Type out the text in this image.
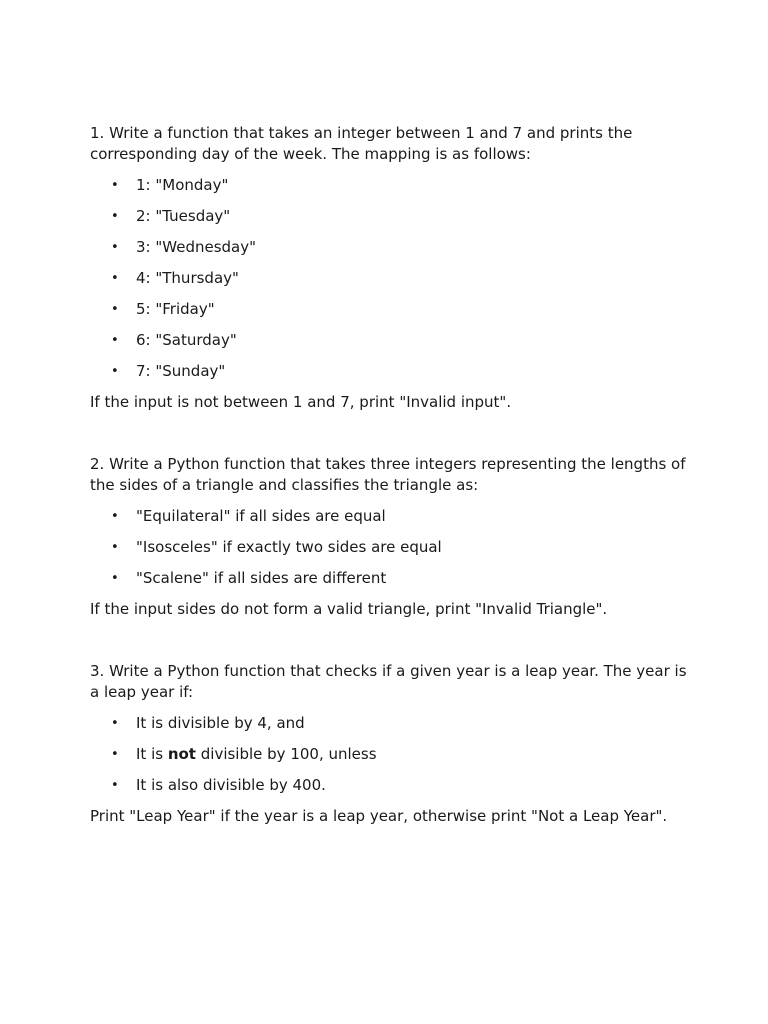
1. Write a function that takes an integer between 1 and 7 and prints the corresponding day of the week. The mapping is as follows:

• 1: "Monday"
• 2: "Tuesday"
• 3: "Wednesday"
• 4: "Thursday"
• 5: "Friday"
• 6: "Saturday"
• 7: "Sunday"

If the input is not between 1 and 7, print "Invalid input".

2. Write a Python function that takes three integers representing the lengths of the sides of a triangle and classifies the triangle as:

• "Equilateral" if all sides are equal
• "Isosceles" if exactly two sides are equal
• "Scalene" if all sides are different

If the input sides do not form a valid triangle, print "Invalid Triangle".

3. Write a Python function that checks if a given year is a leap year. The year is a leap year if:

• It is divisible by 4, and
• It is not divisible by 100, unless
• It is also divisible by 400.

Print "Leap Year" if the year is a leap year, otherwise print "Not a Leap Year".
